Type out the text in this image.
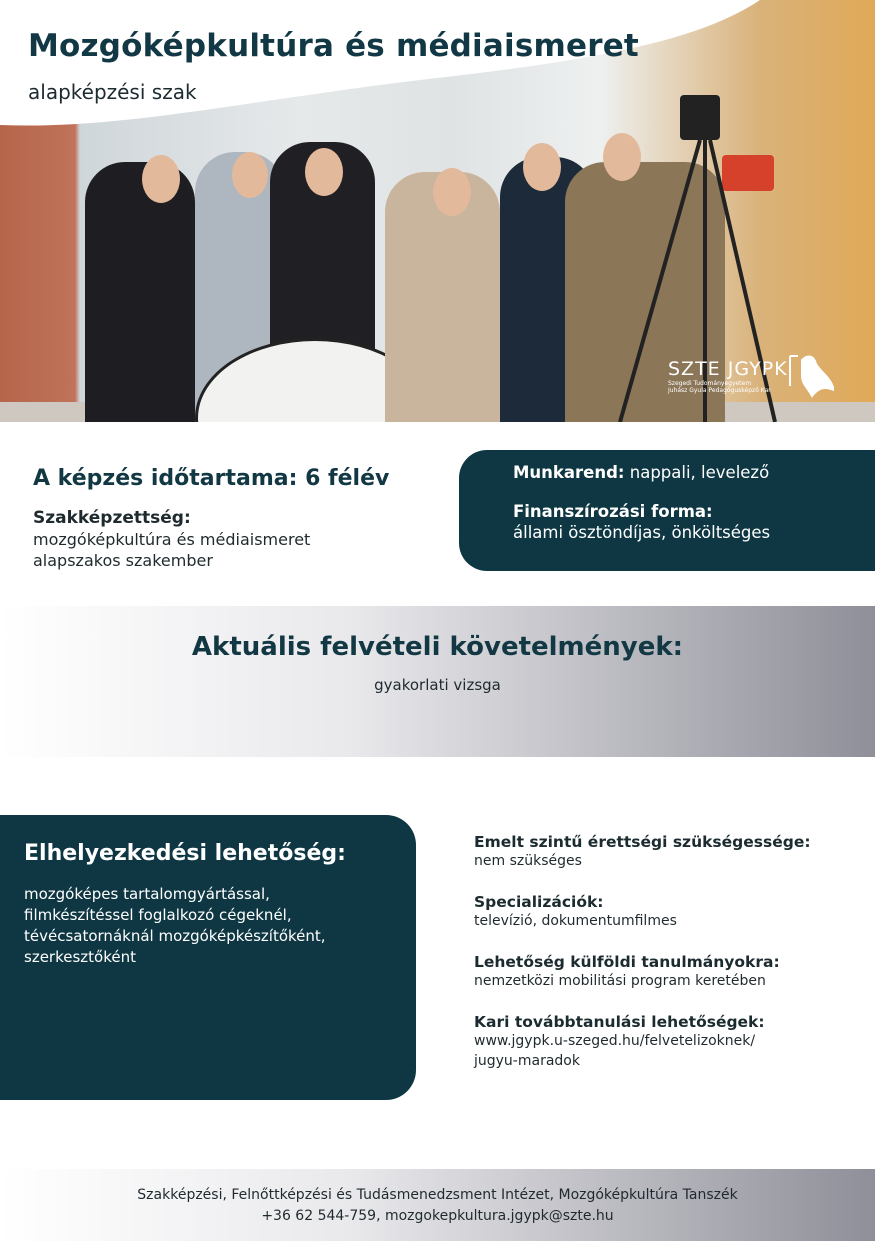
Mozgóképkultúra és médiaismeret
alapképzési szak
SZTE JGYPK
Szegedi Tudományegyetem
Juhász Gyula Pedagógusképző Kar
A képzés időtartama: 6 félév
Szakképzettség:
mozgóképkultúra és médiaismeret alapszakos szakember

Munkarend: nappali, levelező

Finanszírozási forma:
állami ösztöndíjas, önköltséges

Aktuális felvételi követelmények:
gyakorlati vizsga
Elhelyezkedési lehetőség:

mozgóképes tartalomgyártással, filmkészítéssel foglalkozó cégeknél, tévécsatornáknál mozgóképkészítőként, szerkesztőként

Emelt szintű érettségi szükségessége:
nem szükséges
Specializációk:
televízió, dokumentumfilmes
Lehetőség külföldi tanulmányokra:
nemzetközi mobilitási program keretében
Kari továbbtanulási lehetőségek:
www.jgypk.u-szeged.hu/felvetelizoknek/ jugyu-maradok
Szakképzési, Felnőttképzési és Tudásmenedzsment Intézet, Mozgóképkultúra Tanszék
+36 62 544-759, mozgokepkultura.jgypk@szte.hu
